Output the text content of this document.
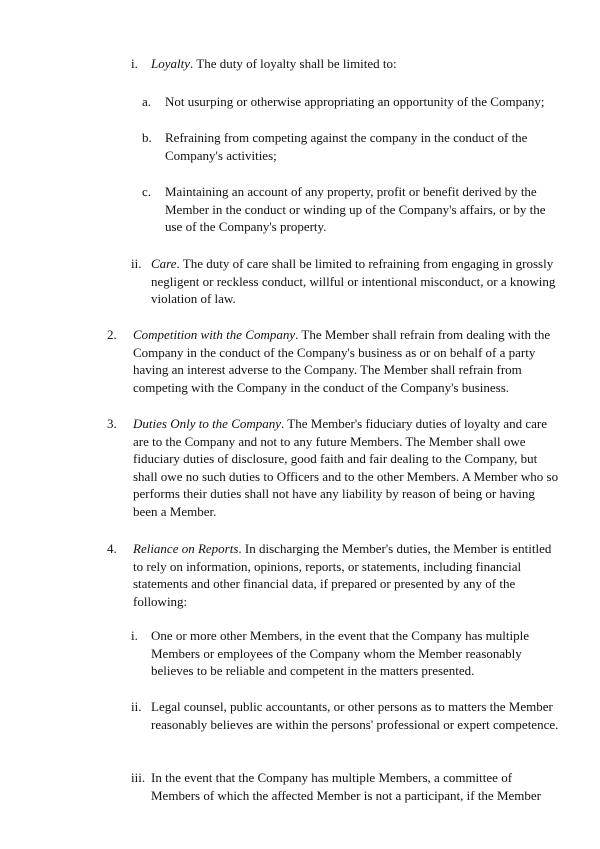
i. Loyalty. The duty of loyalty shall be limited to:

a. Not usurping or otherwise appropriating an opportunity of the Company;

b. Refraining from competing against the company in the conduct of the Company's activities;

c. Maintaining an account of any property, profit or benefit derived by the Member in the conduct or winding up of the Company's affairs, or by the use of the Company's property.

ii. Care. The duty of care shall be limited to refraining from engaging in grossly negligent or reckless conduct, willful or intentional misconduct, or a knowing violation of law.

2. Competition with the Company. The Member shall refrain from dealing with the Company in the conduct of the Company's business as or on behalf of a party having an interest adverse to the Company. The Member shall refrain from competing with the Company in the conduct of the Company's business.

3. Duties Only to the Company. The Member's fiduciary duties of loyalty and care are to the Company and not to any future Members. The Member shall owe fiduciary duties of disclosure, good faith and fair dealing to the Company, but shall owe no such duties to Officers and to the other Members. A Member who so performs their duties shall not have any liability by reason of being or having been a Member.

4. Reliance on Reports. In discharging the Member's duties, the Member is entitled to rely on information, opinions, reports, or statements, including financial statements and other financial data, if prepared or presented by any of the following:

i. One or more other Members, in the event that the Company has multiple Members or employees of the Company whom the Member reasonably believes to be reliable and competent in the matters presented.

ii. Legal counsel, public accountants, or other persons as to matters the Member reasonably believes are within the persons' professional or expert competence.

iii. In the event that the Company has multiple Members, a committee of Members of which the affected Member is not a participant, if the Member
